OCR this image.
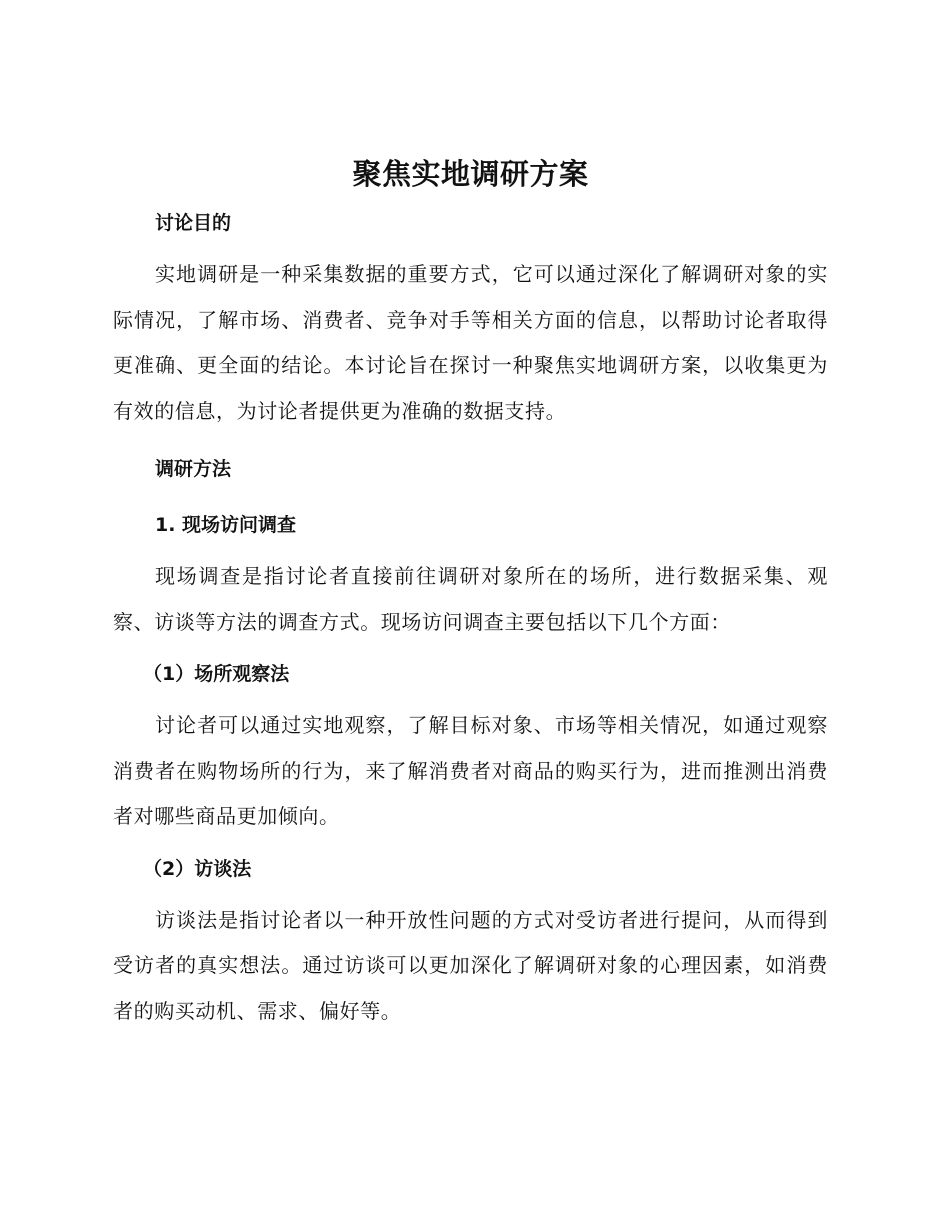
聚焦实地调研方案
讨论目的

实地调研是一种采集数据的重要方式，它可以通过深化了解调研对象的实际情况，了解市场、消费者、竞争对手等相关方面的信息，以帮助讨论者取得更准确、更全面的结论。本讨论旨在探讨一种聚焦实地调研方案，以收集更为有效的信息，为讨论者提供更为准确的数据支持。

调研方法
1. 现场访问调查

现场调查是指讨论者直接前往调研对象所在的场所，进行数据采集、观察、访谈等方法的调查方式。现场访问调查主要包括以下几个方面：

（1）场所观察法

讨论者可以通过实地观察，了解目标对象、市场等相关情况，如通过观察消费者在购物场所的行为，来了解消费者对商品的购买行为，进而推测出消费者对哪些商品更加倾向。

（2）访谈法

访谈法是指讨论者以一种开放性问题的方式对受访者进行提问，从而得到受访者的真实想法。通过访谈可以更加深化了解调研对象的心理因素，如消费者的购买动机、需求、偏好等。
